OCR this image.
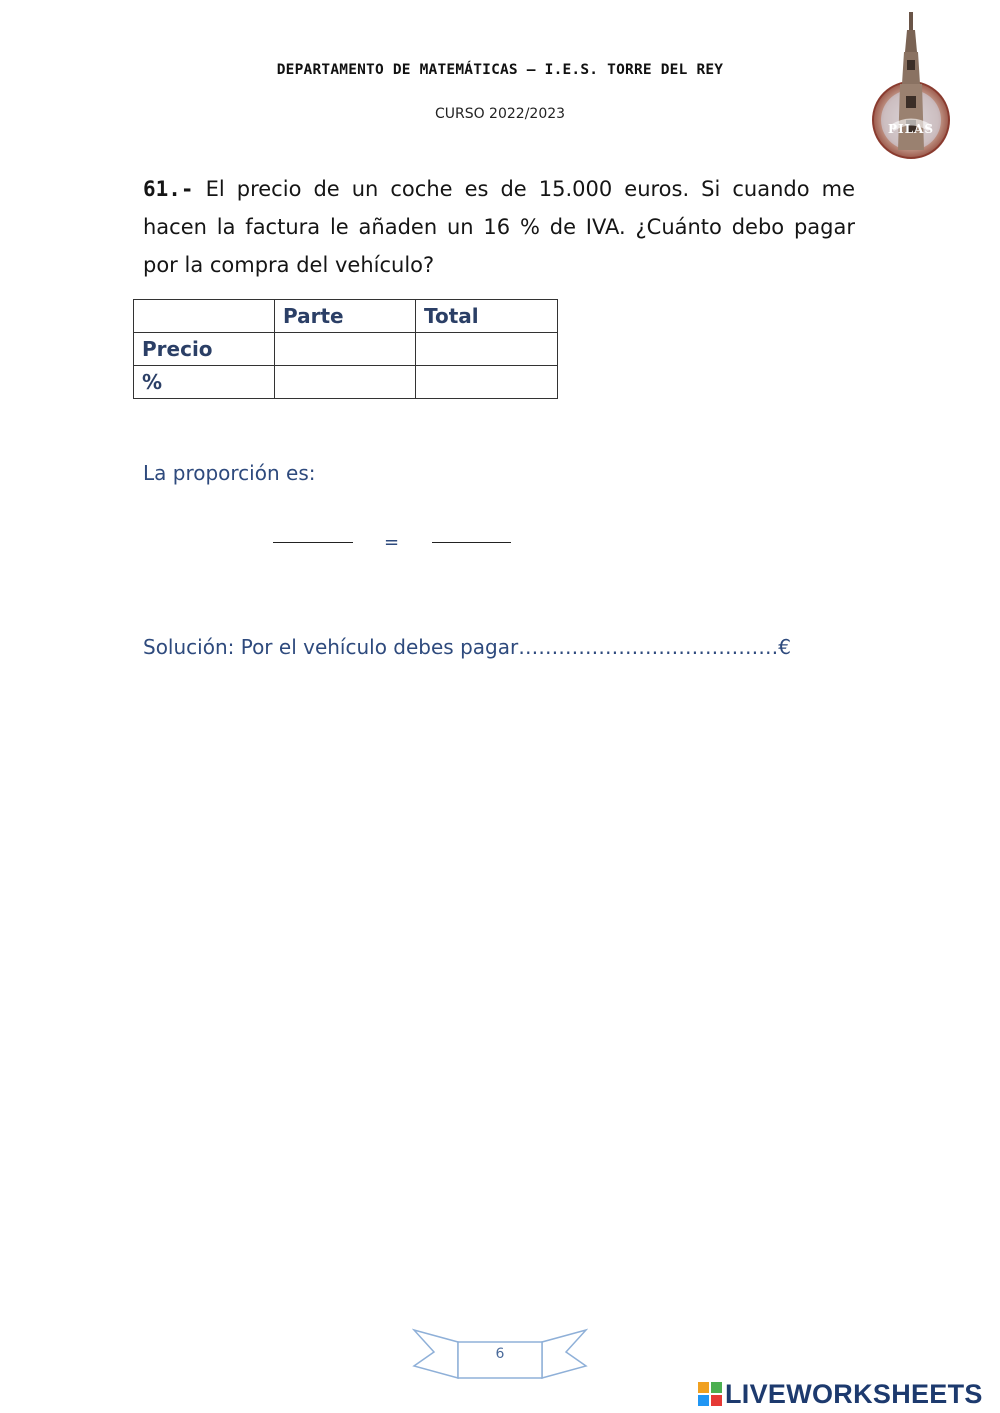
DEPARTAMENTO DE MATEMÁTICAS – I.E.S. TORRE DEL REY
CURSO 2022/2023
PILAS
61.- El precio de un coche es de 15.000 euros. Si cuando me hacen la factura le añaden un 16 % de IVA. ¿Cuánto debo pagar por la compra del vehículo?
	Parte	Total
Precio		
%		
La proporción es:
=
Solución: Por el vehículo debes pagar…………………………………€
6
LIVEWORKSHEETS
